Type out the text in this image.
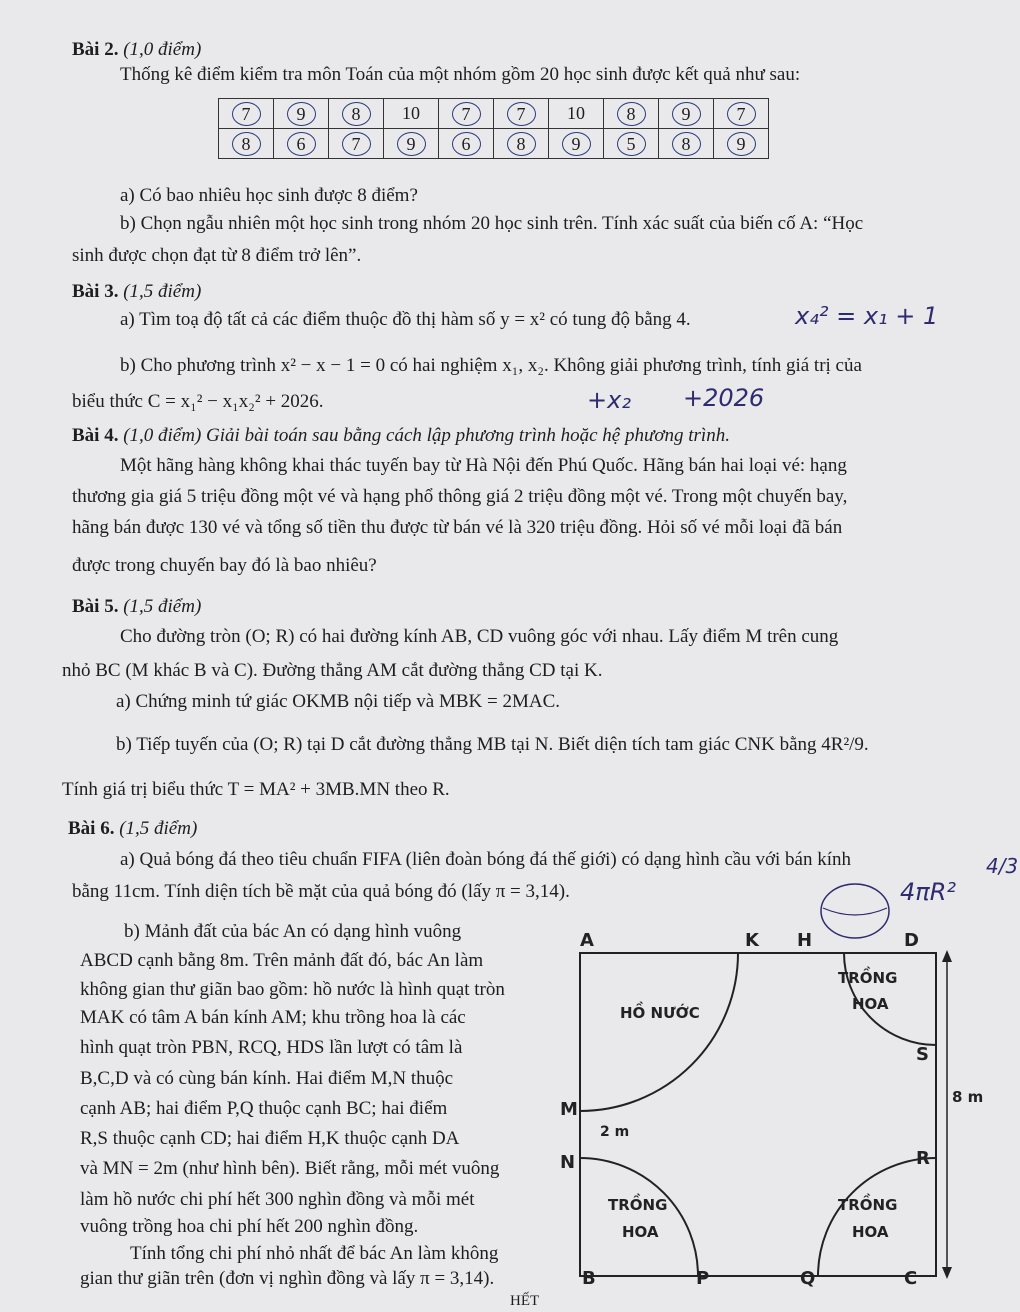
Bài 2. (1,0 điểm)
Thống kê điểm kiểm tra môn Toán của một nhóm gồm 20 học sinh được kết quả như sau:
7	9	8	10	7	7	10	8	9	7
8	6	7	9	6	8	9	5	8	9
a) Có bao nhiêu học sinh được 8 điểm?
b) Chọn ngẫu nhiên một học sinh trong nhóm 20 học sinh trên. Tính xác suất của biến cố A: “Học
sinh được chọn đạt từ 8 điểm trở lên”.
Bài 3. (1,5 điểm)
a) Tìm toạ độ tất cả các điểm thuộc đồ thị hàm số y = x² có tung độ bằng 4.
b) Cho phương trình x² − x − 1 = 0 có hai nghiệm x₁, x₂. Không giải phương trình, tính giá trị của
biểu thức C = x₁² − x₁x₂² + 2026.
Bài 4. (1,0 điểm) Giải bài toán sau bằng cách lập phương trình hoặc hệ phương trình.
Một hãng hàng không khai thác tuyến bay từ Hà Nội đến Phú Quốc. Hãng bán hai loại vé: hạng
thương gia giá 5 triệu đồng một vé và hạng phổ thông giá 2 triệu đồng một vé. Trong một chuyến bay,
hãng bán được 130 vé và tổng số tiền thu được từ bán vé là 320 triệu đồng. Hỏi số vé mỗi loại đã bán
được trong chuyến bay đó là bao nhiêu?
Bài 5. (1,5 điểm)
Cho đường tròn (O; R) có hai đường kính AB, CD vuông góc với nhau. Lấy điểm M trên cung
nhỏ BC (M khác B và C). Đường thẳng AM cắt đường thẳng CD tại K.
a) Chứng minh tứ giác OKMB nội tiếp và MBK = 2MAC.
b) Tiếp tuyến của (O; R) tại D cắt đường thẳng MB tại N. Biết diện tích tam giác CNK bằng 4R²/9.
Tính giá trị biểu thức T = MA² + 3MB.MN theo R.
Bài 6. (1,5 điểm)
a) Quả bóng đá theo tiêu chuẩn FIFA (liên đoàn bóng đá thế giới) có dạng hình cầu với bán kính
bằng 11cm. Tính diện tích bề mặt của quả bóng đó (lấy π = 3,14).
b) Mảnh đất của bác An có dạng hình vuông
ABCD cạnh bằng 8m. Trên mảnh đất đó, bác An làm
không gian thư giãn bao gồm: hồ nước là hình quạt tròn
MAK có tâm A bán kính AM; khu trồng hoa là các
hình quạt tròn PBN, RCQ, HDS lần lượt có tâm là
B,C,D và có cùng bán kính. Hai điểm M,N thuộc
cạnh AB; hai điểm P,Q thuộc cạnh BC; hai điểm
R,S thuộc cạnh CD; hai điểm H,K thuộc cạnh DA
và MN = 2m (như hình bên). Biết rằng, mỗi mét vuông
làm hồ nước chi phí hết 300 nghìn đồng và mỗi mét
vuông trồng hoa chi phí hết 200 nghìn đồng.
Tính tổng chi phí nhỏ nhất để bác An làm không
gian thư giãn trên (đơn vị nghìn đồng và lấy π = 3,14).
A	K H	D
S
R
C
Q
P
B
N
M
HỒ NƯỚC
TRỒNG
HOA
TRỒNG
HOA
TRỒNG
HOA
8 m
2 m
x₄² = x₁ + 1
+x₂ +2026
4πR²
4/3
HẾT
